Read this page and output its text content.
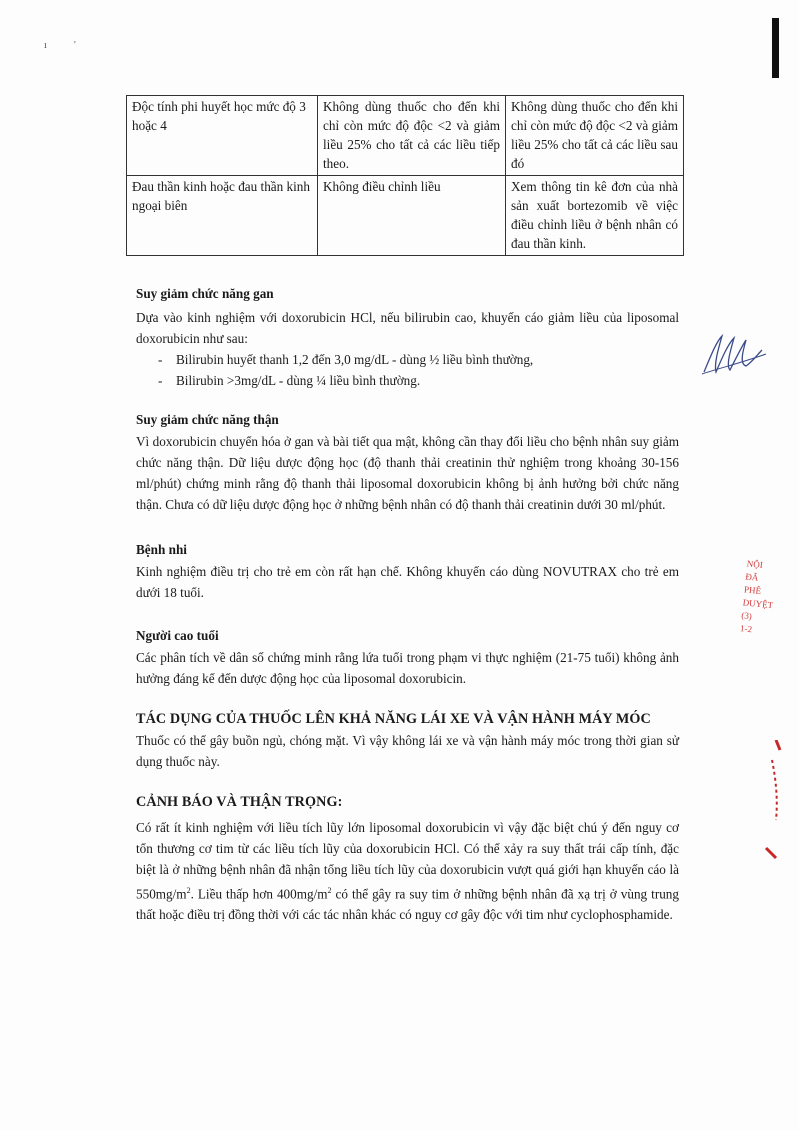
ı	'
Độc tính phi huyết học mức độ 3 hoặc 4	Không dùng thuốc cho đến khi chỉ còn mức độ độc <2 và giảm liều 25% cho tất cả các liều tiếp theo.	Không dùng thuốc cho đến khi chỉ còn mức độ độc <2 và giảm liều 25% cho tất cả các liều sau đó
Đau thần kinh hoặc đau thần kinh ngoại biên	Không điều chỉnh liều	Xem thông tin kê đơn của nhà sản xuất bortezomib về việc điều chỉnh liều ở bệnh nhân có đau thần kinh.

Suy giảm chức năng gan

Dựa vào kinh nghiệm với doxorubicin HCl, nếu bilirubin cao, khuyến cáo giảm liều của liposomal doxorubicin như sau:

- Bilirubin huyết thanh 1,2 đến 3,0 mg/dL - dùng ½ liều bình thường,
- Bilirubin >3mg/dL - dùng ¼ liều bình thường.

Suy giảm chức năng thận

Vì doxorubicin chuyển hóa ở gan và bài tiết qua mật, không cần thay đổi liều cho bệnh nhân suy giảm chức năng thận. Dữ liệu dược động học (độ thanh thải creatinin thử nghiệm trong khoảng 30-156 ml/phút) chứng minh rằng độ thanh thải liposomal doxorubicin không bị ảnh hưởng bởi chức năng thận. Chưa có dữ liệu dược động học ở những bệnh nhân có độ thanh thải creatinin dưới 30 ml/phút.

Bệnh nhi

Kinh nghiệm điều trị cho trẻ em còn rất hạn chế. Không khuyến cáo dùng NOVUTRAX cho trẻ em dưới 18 tuổi.

Người cao tuổi

Các phân tích về dân số chứng minh rằng lứa tuổi trong phạm vi thực nghiệm (21-75 tuổi) không ảnh hưởng đáng kể đến dược động học của liposomal doxorubicin.

TÁC DỤNG CỦA THUỐC LÊN KHẢ NĂNG LÁI XE VÀ VẬN HÀNH MÁY MÓC

Thuốc có thể gây buồn ngủ, chóng mặt. Vì vậy không lái xe và vận hành máy móc trong thời gian sử dụng thuốc này.

CẢNH BÁO VÀ THẬN TRỌNG:

Có rất ít kinh nghiệm với liều tích lũy lớn liposomal doxorubicin vì vậy đặc biệt chú ý đến nguy cơ tổn thương cơ tim từ các liều tích lũy của doxorubicin HCl. Có thể xảy ra suy thất trái cấp tính, đặc biệt là ở những bệnh nhân đã nhận tổng liều tích lũy của doxorubicin vượt quá giới hạn khuyến cáo là $550mg/m^2$. Liều thấp hơn $400mg/m^2$ có thể gây ra suy tim ở những bệnh nhân đã xạ trị ở vùng trung thất hoặc điều trị đồng thời với các tác nhân khác có nguy cơ gây độc với tim như cyclophosphamide.

NỘI
ĐÃ
PHÊ
DUYỆT
(3)
1-2
